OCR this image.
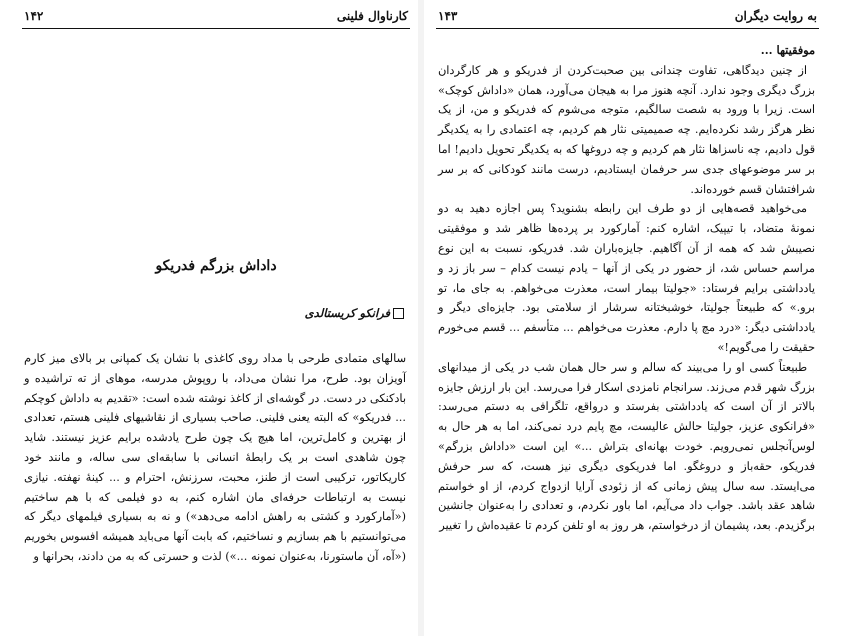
کارناوال فلینی
۱۴۲
داداش بزرگم فدریکو
فرانکو کریستالدی

سالهای متمادی طرحی با مداد روی کاغذی با نشان یک کمپانی بر بالای میز کارم آویزان بود. طرح، مرا نشان می‌داد، با روپوش مدرسه، موهای از ته تراشیده و بادکنکی در دست. در گوشه‌ای از کاغذ نوشته شده است: «تقدیم به داداش کوچکم ... فدریکو» که البته یعنی فلینی. صاحب بسیاری از نقاشیهای فلینی هستم، تعدادی از بهترین و کامل‌ترین، اما هیچ یک چون طرح یادشده برایم عزیز نیستند. شاید چون شاهدی است بر یک رابطهٔ انسانی با سابقه‌ای سی ساله، و مانند خود کاریکاتور، ترکیبی است از طنز، محبت، سرزنش، احترام و ... کینهٔ نهفته. نیازی نیست به ارتباطات حرفه‌ای مان اشاره کنم، به دو فیلمی که با هم ساختیم («آمارکورد و کشتی به راهش ادامه می‌دهد») و نه به بسیاری فیلمهای دیگر که می‌توانستیم با هم بسازیم و نساختیم، که بابت آنها می‌باید همیشه افسوس بخوریم («آه، آن ماستورنا، به‌عنوان نمونه ...») لذت و حسرتی که به من دادند، بحرانها و

به روایت دیگران
۱۴۳

موفقیتها ...

از چنین دیدگاهی، تفاوت چندانی بین صحبت‌کردن از فدریکو و هر کارگردان بزرگ دیگری وجود ندارد. آنچه هنوز مرا به هیجان می‌آورد، همان «داداش کوچک» است. زیرا با ورود به شصت سالگیم، متوجه می‌شوم که فدریکو و من، از یک نظر هرگز رشد نکرده‌ایم. چه صمیمیتی نثار هم کردیم، چه اعتمادی را به یکدیگر قول دادیم، چه ناسزاها نثار هم کردیم و چه دروغها که به یکدیگر تحویل دادیم! اما بر سر موضوعهای جدی سر حرفمان ایستادیم، درست مانند کودکانی که بر سر شرافتشان قسم خورده‌اند.

می‌خواهید قصه‌هایی از دو طرف این رابطه بشنوید؟ پس اجازه دهید به دو نمونهٔ متضاد، با تیپیک، اشاره کنم: آمارکورد بر پرده‌ها ظاهر شد و موفقیتی نصیبش شد که همه از آن آگاهیم. جایزه‌باران شد. فدریکو، نسبت به این نوع مراسم حساس شد، از حضور در یکی از آنها – یادم نیست کدام – سر باز زد و یادداشتی برایم فرستاد: «جولیتا بیمار است، معذرت می‌خواهم. به جای ما، تو برو.» که طبیعتاً جولیتا، خوشبختانه سرشار از سلامتی بود. جایزه‌ای دیگر و یادداشتی دیگر: «درد مچ پا دارم. معذرت می‌خواهم ... متأسفم ... قسم می‌خورم حقیقت را می‌گویم!»

طبیعتاً کسی او را می‌بیند که سالم و سر حال همان شب در یکی از میدانهای بزرگ شهر قدم می‌زند. سرانجام نامزدی اسکار فرا می‌رسد. این بار ارزش جایزه بالاتر از آن است که یادداشتی بفرستد و درواقع، تلگرافی به دستم می‌رسد: «فرانکوی عزیز، جولیتا حالش عالیست، مچ پایم درد نمی‌کند، اما به هر حال به لوس‌آنجلس نمی‌رویم. خودت بهانه‌ای بتراش ...» این است «داداش بزرگم» فدریکو، حقه‌باز و دروغگو. اما فدریکوی دیگری نیز هست، که سر حرفش می‌ایستد. سه سال پیش زمانی که از زئودی آرایا ازدواج کردم، از او خواستم شاهد عقد باشد. جواب داد می‌آیم، اما باور نکردم، و تعدادی را به‌عنوان جانشین برگزیدم. بعد، پشیمان از درخواستم، هر روز به او تلفن کردم تا عقیده‌اش را تغییر
